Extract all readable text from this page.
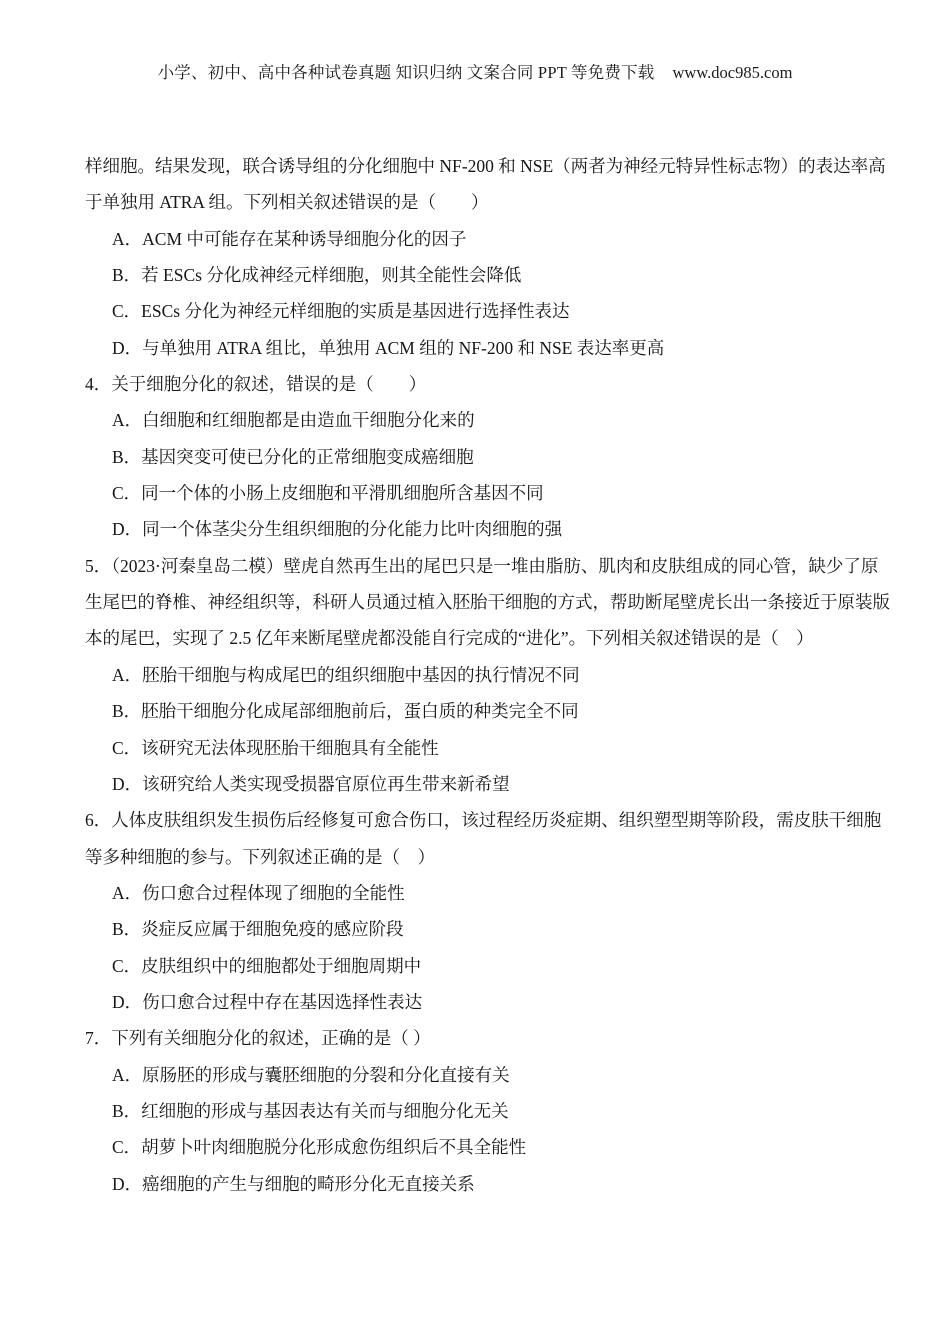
小学、初中、高中各种试卷真题 知识归纳 文案合同 PPT 等免费下载 www.doc985.com
样细胞。结果发现，联合诱导组的分化细胞中 NF-200 和 NSE（两者为神经元特异性标志物）的表达率高
于单独用 ATRA 组。下列相关叙述错误的是（　　）
A．ACM 中可能存在某种诱导细胞分化的因子
B．若 ESCs 分化成神经元样细胞，则其全能性会降低
C．ESCs 分化为神经元样细胞的实质是基因进行选择性表达
D．与单独用 ATRA 组比，单独用 ACM 组的 NF-200 和 NSE 表达率更高
4．关于细胞分化的叙述，错误的是（　　）
A．白细胞和红细胞都是由造血干细胞分化来的
B．基因突变可使已分化的正常细胞变成癌细胞
C．同一个体的小肠上皮细胞和平滑肌细胞所含基因不同
D．同一个体茎尖分生组织细胞的分化能力比叶肉细胞的强
5．（2023·河秦皇岛二模）壁虎自然再生出的尾巴只是一堆由脂肪、肌肉和皮肤组成的同心管，缺少了原
生尾巴的脊椎、神经组织等，科研人员通过植入胚胎干细胞的方式，帮助断尾壁虎长出一条接近于原装版
本的尾巴，实现了 2.5 亿年来断尾壁虎都没能自行完成的“进化”。下列相关叙述错误的是（　）
A．胚胎干细胞与构成尾巴的组织细胞中基因的执行情况不同
B．胚胎干细胞分化成尾部细胞前后，蛋白质的种类完全不同
C．该研究无法体现胚胎干细胞具有全能性
D．该研究给人类实现受损器官原位再生带来新希望
6．人体皮肤组织发生损伤后经修复可愈合伤口，该过程经历炎症期、组织塑型期等阶段，需皮肤干细胞
等多种细胞的参与。下列叙述正确的是（　）
A．伤口愈合过程体现了细胞的全能性
B．炎症反应属于细胞免疫的感应阶段
C．皮肤组织中的细胞都处于细胞周期中
D．伤口愈合过程中存在基因选择性表达
7．下列有关细胞分化的叙述，正确的是（ ）
A．原肠胚的形成与囊胚细胞的分裂和分化直接有关
B．红细胞的形成与基因表达有关而与细胞分化无关
C．胡萝卜叶肉细胞脱分化形成愈伤组织后不具全能性
D．癌细胞的产生与细胞的畸形分化无直接关系
